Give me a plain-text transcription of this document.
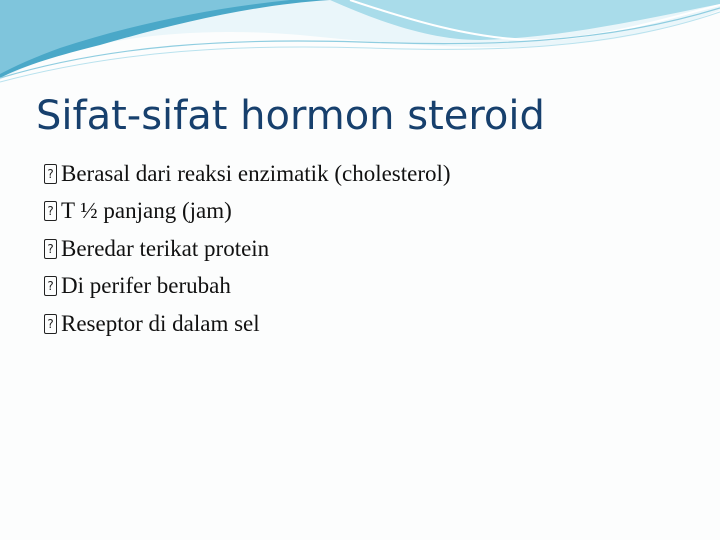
Sifat-sifat hormon steroid
?
Berasal dari reaksi enzimatik (cholesterol)
?
T ½ panjang (jam)
?
Beredar terikat protein
?
Di perifer berubah
?
Reseptor di dalam sel
